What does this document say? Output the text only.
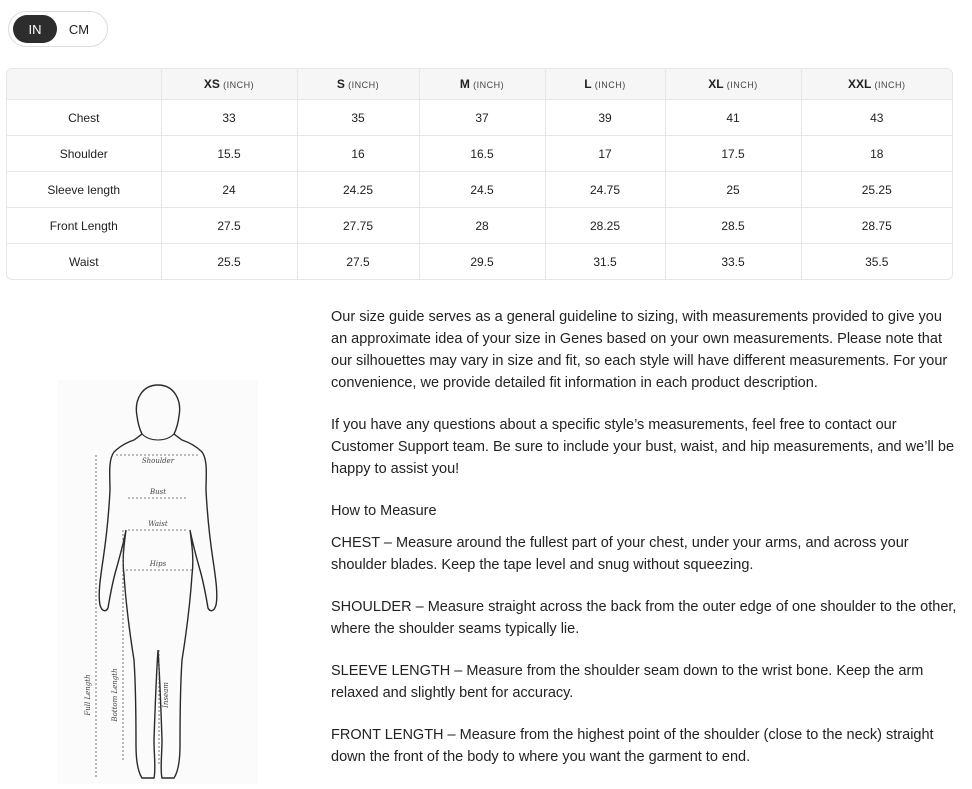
IN	CM
	XS (INCH)	S (INCH)	M (INCH)	L (INCH)	XL (INCH)	XXL (INCH)
Chest	33	35	37	39	41	43
Shoulder	15.5	16	16.5	17	17.5	18
Sleeve length	24	24.25	24.5	24.75	25	25.25
Front Length	27.5	27.75	28	28.25	28.5	28.75
Waist	25.5	27.5	29.5	31.5	33.5	35.5
Shoulder
Bust
Waist
Hips
Full Length	Bottom Length	Inseam

Our size guide serves as a general guideline to sizing, with measurements provided to give you an approximate idea of your size in Genes based on your own measurements. Please note that our silhouettes may vary in size and fit, so each style will have different measurements. For your convenience, we provide detailed fit information in each product description.

If you have any questions about a specific style’s measurements, feel free to contact our Customer Support team. Be sure to include your bust, waist, and hip measurements, and we’ll be happy to assist you!

How to Measure

CHEST – Measure around the fullest part of your chest, under your arms, and across your shoulder blades. Keep the tape level and snug without squeezing.

SHOULDER – Measure straight across the back from the outer edge of one shoulder to the other, where the shoulder seams typically lie.

SLEEVE LENGTH – Measure from the shoulder seam down to the wrist bone. Keep the arm relaxed and slightly bent for accuracy.

FRONT LENGTH – Measure from the highest point of the shoulder (close to the neck) straight down the front of the body to where you want the garment to end.
